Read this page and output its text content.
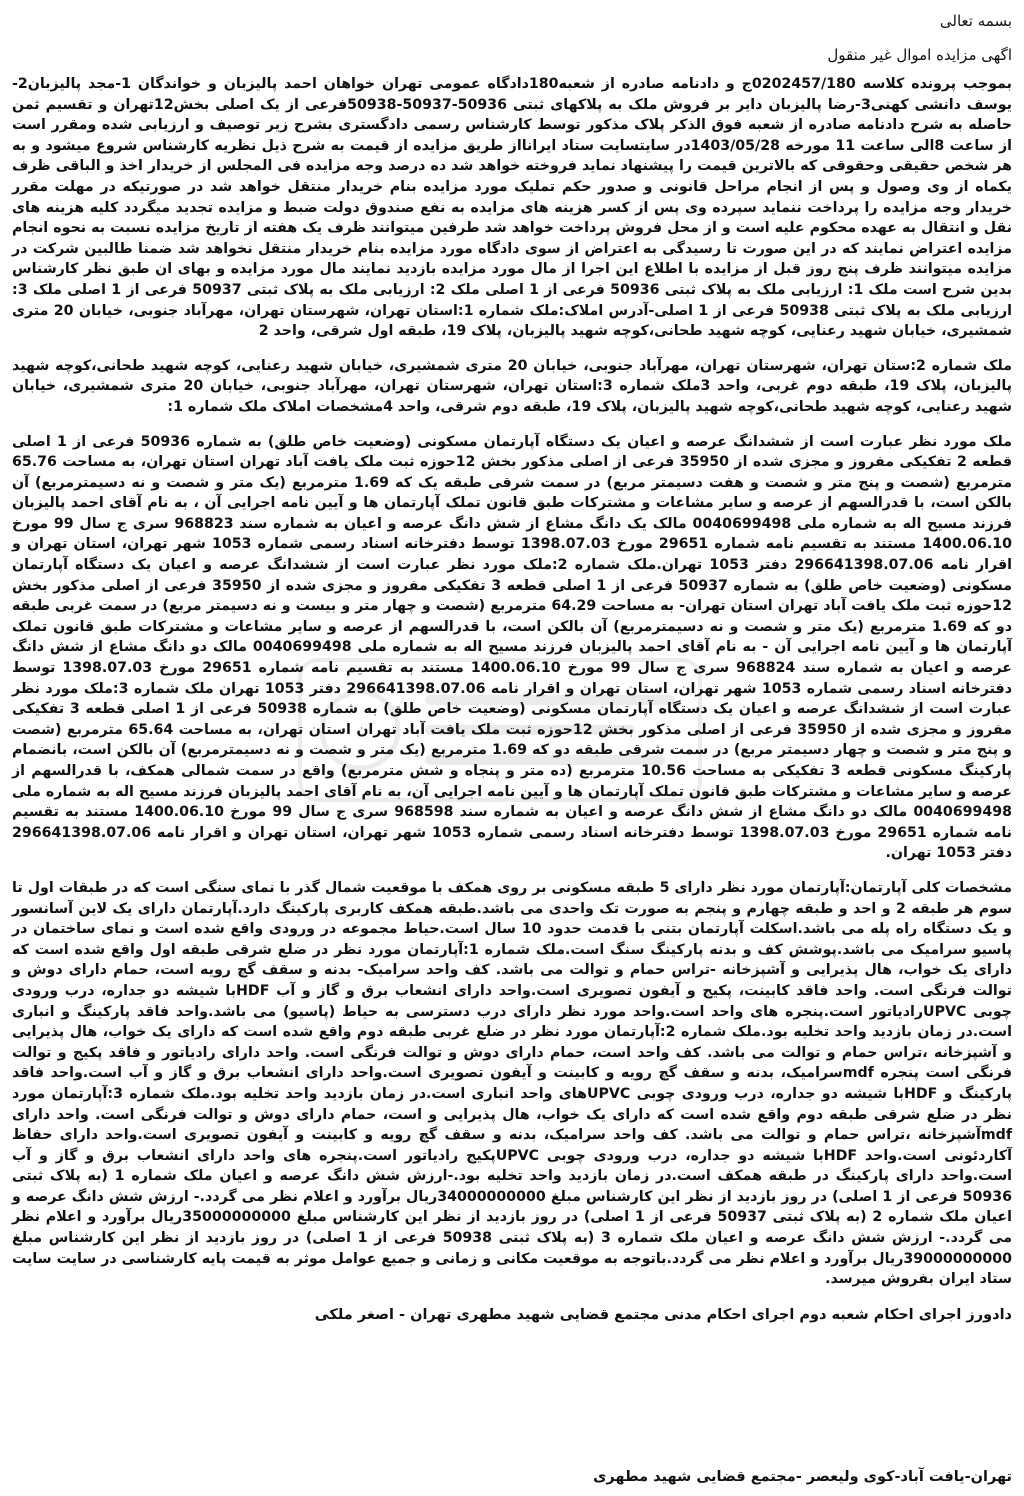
بسمه تعالی

اگهی مزایده اموال غیر منقول

بموجب پرونده کلاسه 0202457/180ج و دادنامه صادره از شعبه180دادگاه عمومی تهران خواهان احمد پالیزبان و خواندگان 1-مجد پالیزبان2-یوسف دانشی کهنی3-رضا پالیزبان دایر بر فروش ملک به پلاکهای ثبتی 50936-50937-50938فرعی از یک اصلی بخش12تهران و تقسیم ثمن حاصله به شرح دادنامه صادره از شعبه فوق الذکر پلاک مذکور توسط کارشناس رسمی دادگستری بشرح زیر توصیف و ارزیابی شده ومقرر است از ساعت 8الی ساعت 11 مورخه 1403/05/28در سایتسایت ستاد ایرانااز طریق مزایده از قیمت به شرح ذیل نظریه کارشناس شروع میشود و به هر شخص حقیقی وحقوقی که بالاترین قیمت را پیشنهاد نماید فروخته خواهد شد ده درصد وجه مزایده فی المجلس از خریدار اخذ و الباقی ظرف یکماه از وی وصول و پس از انجام مراحل قانونی و صدور حکم تملیک مورد مزایده بنام خریدار منتقل خواهد شد در صورتیکه در مهلت مقرر خریدار وجه مزایده را پرداخت ننماید سپرده وی پس از کسر هزینه های مزایده به نفع صندوق دولت ضبط و مزایده تجدید میگردد کلیه هزینه های نقل و انتقال به عهده محکوم علیه است و از محل فروش پرداخت خواهد شد طرفین میتوانند ظرف یک هفته از تاریخ مزایده نسبت به نحوه انجام مزایده اعتراض نمایند که در این صورت تا رسیدگی به اعتراض از سوی دادگاه مورد مزایده بنام خریدار منتقل نخواهد شد ضمنا طالبین شرکت در مزایده میتوانند ظرف پنج روز قبل از مزایده با اطلاع این اجرا از مال مورد مزایده بازدید نمایند مال مورد مزایده و بهای ان طبق نظر کارشناس بدین شرح است ملک 1: ارزیابی ملک به پلاک ثبتی 50936 فرعی از 1 اصلی ملک 2: ارزیابی ملک به پلاک ثبتی 50937 فرعی از 1 اصلی ملک 3: ارزیابی ملک به پلاک ثبتی 50938 فرعی از 1 اصلی-آدرس املاک:ملک شماره 1:استان تهران، شهرستان تهران، مهرآباد جنوبی، خیابان 20 متری شمشیری، خیابان شهید رعنایی، کوچه شهید طحانی،کوچه شهید پالیزبان، پلاک 19، طبقه اول شرقی، واحد 2

ملک شماره 2:ستان تهران، شهرستان تهران، مهرآباد جنوبی، خیابان 20 متری شمشیری، خیابان شهید رعنایی، کوچه شهید طحانی،کوچه شهید پالیزبان، پلاک 19، طبقه دوم غربی، واحد 3ملک شماره 3:استان تهران، شهرستان تهران، مهرآباد جنوبی، خیابان 20 متری شمشیری، خیابان شهید رعنایی، کوچه شهید طحانی،کوچه شهید پالیزبان، پلاک 19، طبقه دوم شرقی، واحد 4مشخصات املاک ملک شماره 1:

ملک مورد نظر عبارت است از ششدانگ عرصه و اعیان یک دستگاه آپارتمان مسکونی (وضعیت خاص طلق) به شماره 50936 فرعی از 1 اصلی قطعه 2 تفکیکی مفروز و مجزی شده از 35950 فرعی از اصلی مذکور بخش 12حوزه ثبت ملک یافت آباد تهران استان تهران، به مساحت 65.76 مترمربع (شصت و پنج متر و شصت و هفت دسیمتر مربع) در سمت شرقی طبقه یک که 1.69 مترمربع (یک متر و شصت و نه دسیمترمربع) آن بالکن است، با قدرالسهم از عرصه و سایر مشاعات و مشترکات طبق قانون تملک آپارتمان ها و آیین نامه اجرایی آن ، به نام آقای احمد پالیزبان فرزند مسیح اله به شماره ملی 0040699498 مالک یک دانگ مشاع از شش دانگ عرصه و اعیان به شماره سند 968823 سری ج سال 99 مورخ 1400.06.10 مستند به تقسیم نامه شماره 29651 مورخ 1398.07.03 توسط دفترخانه اسناد رسمی شماره 1053 شهر تهران، استان تهران و اقرار نامه 296641398.07.06 دفتر 1053 تهران.ملک شماره 2:ملک مورد نظر عبارت است از ششدانگ عرصه و اعیان یک دستگاه آپارتمان مسکونی (وضعیت خاص طلق) به شماره 50937 فرعی از 1 اصلی قطعه 3 تفکیکی مفروز و مجزی شده از 35950 فرعی از اصلی مذکور بخش 12حوزه ثبت ملک یافت آباد تهران استان تهران- به مساحت 64.29 مترمربع (شصت و چهار متر و بیست و نه دسیمتر مربع) در سمت غربی طبقه دو که 1.69 مترمربع (یک متر و شصت و نه دسیمترمربع) آن بالکن است، با قدرالسهم از عرصه و سایر مشاعات و مشترکات طبق قانون تملک آپارتمان ها و آیین نامه اجرایی آن - به نام آقای احمد پالیزبان فرزند مسیح اله به شماره ملی 0040699498 مالک دو دانگ مشاع از شش دانگ عرصه و اعیان به شماره سند 968824 سری ج سال 99 مورخ 1400.06.10 مستند به تقسیم نامه شماره 29651 مورخ 1398.07.03 توسط دفترخانه اسناد رسمی شماره 1053 شهر تهران، استان تهران و اقرار نامه 296641398.07.06 دفتر 1053 تهران ملک شماره 3:ملک مورد نظر عبارت است از ششدانگ عرصه و اعیان یک دستگاه آپارتمان مسکونی (وضعیت خاص طلق) به شماره 50938 فرعی از 1 اصلی قطعه 3 تفکیکی مفروز و مجزی شده از 35950 فرعی از اصلی مذکور بخش 12حوزه ثبت ملک یافت آباد تهران استان تهران، به مساحت 65.64 مترمربع (شصت و پنج متر و شصت و چهار دسیمتر مربع) در سمت شرقی طبقه دو که 1.69 مترمربع (یک متر و شصت و نه دسیمترمربع) آن بالکن است، بانضمام پارکینگ مسکونی قطعه 3 تفکیکی به مساحت 10.56 مترمربع (ده متر و پنجاه و شش مترمربع) واقع در سمت شمالی همکف، با قدرالسهم از عرصه و سایر مشاعات و مشترکات طبق قانون تملک آپارتمان ها و آیین نامه اجرایی آن، به نام آقای احمد پالیزبان فرزند مسیح اله به شماره ملی 0040699498 مالک دو دانگ مشاع از شش دانگ عرصه و اعیان به شماره سند 968598 سری ج سال 99 مورخ 1400.06.10 مستند به تقسیم نامه شماره 29651 مورخ 1398.07.03 توسط دفترخانه اسناد رسمی شماره 1053 شهر تهران، استان تهران و اقرار نامه 296641398.07.06 دفتر 1053 تهران.

مشخصات کلی آپارتمان:آپارتمان مورد نظر دارای 5 طبقه مسکونی بر روی همکف با موقعیت شمال گذر با نمای سنگی است که در طبقات اول تا سوم هر طبقه 2 و احد و طبقه چهارم و پنجم به صورت تک واحدی می باشد.طبقه همکف کاربری پارکینگ دارد.آپارتمان دارای یک لاین آسانسور و یک دستگاه راه پله می باشد.اسکلت آپارتمان بتنی با قدمت حدود 10 سال است.حیاط مجموعه در ورودی واقع شده است و نمای ساختمان در پاسیو سرامیک می باشد.پوشش کف و بدنه پارکینگ سنگ است.ملک شماره 1:آپارتمان مورد نظر در ضلع شرقی طبقه اول واقع شده است که دارای یک خواب، هال پذیرایی و آشپزخانه -تراس حمام و توالت می باشد. کف واحد سرامیک- بدنه و سقف گچ رویه است، حمام دارای دوش و توالت فرنگی است. واحد فاقد کابینت، پکیج و آیفون تصویری است.واحد دارای انشعاب برق و گاز و آب HDFبا شیشه دو جداره، درب ورودی چوبی UPVCرادیاتور است.پنجره های واحد است.واحد مورد نظر دارای درب دسترسی به حیاط (پاسیو) می باشد.واحد فاقد پارکینگ و انباری است.در زمان بازدید واحد تخلیه بود.ملک شماره 2:آپارتمان مورد نظر در ضلع غربی طبقه دوم واقع شده است که دارای یک خواب، هال پذیرایی و آشپزخانه ،تراس حمام و توالت می باشد. کف واحد است، حمام دارای دوش و توالت فرنگی است. واحد دارای رادیاتور و فاقد پکیج و توالت فرنگی است پنجره mdfسرامیک، بدنه و سقف گچ رویه و کابینت و آیفون تصویری است.واحد دارای انشعاب برق و گاز و آب است.واحد فاقد پارکینگ و HDFبا شیشه دو جداره، درب ورودی چوبی UPVCهای واحد انباری است.در زمان بازدید واحد تخلیه بود.ملک شماره 3:آپارتمان مورد نظر در ضلع شرقی طبقه دوم واقع شده است که دارای یک خواب، هال پذیرایی و است، حمام دارای دوش و توالت فرنگی است. واحد دارای mdfآشپزخانه ،تراس حمام و توالت می باشد. کف واحد سرامیک، بدنه و سقف گچ رویه و کابینت و آیفون تصویری است.واحد دارای حفاظ آکاردئونی است.واحد HDFبا شیشه دو جداره، درب ورودی چوبی UPVCپکیج رادیاتور است.پنجره های واحد دارای انشعاب برق و گاز و آب است.واحد دارای پارکینگ در طبقه همکف است.در زمان بازدید واحد تخلیه بود.-ارزش شش دانگ عرصه و اعیان ملک شماره 1 (به پلاک ثبتی 50936 فرعی از 1 اصلی) در روز بازدید از نظر این کارشناس مبلغ 34000000000ریال برآورد و اعلام نظر می گردد.- ارزش شش دانگ عرصه و اعیان ملک شماره 2 (به پلاک ثبتی 50937 فرعی از 1 اصلی) در روز بازدید از نظر این کارشناس مبلغ 35000000000ریال برآورد و اعلام نظر می گردد.- ارزش شش دانگ عرصه و اعیان ملک شماره 3 (به پلاک ثبتی 50938 فرعی از 1 اصلی) در روز بازدید از نظر این کارشناس مبلغ 39000000000ریال برآورد و اعلام نظر می گردد.باتوجه به موقعیت مکانی و زمانی و جمیع عوامل موثر به قیمت پایه کارشناسی در سایت سایت ستاد ایران بفروش میرسد.

دادورز اجرای احکام شعبه دوم اجرای احکام مدنی مجتمع قضایی شهید مطهری تهران - اصغر ملکی

تهران-یافت آباد-کوی ولیعصر -مجتمع قضایی شهید مطهری
